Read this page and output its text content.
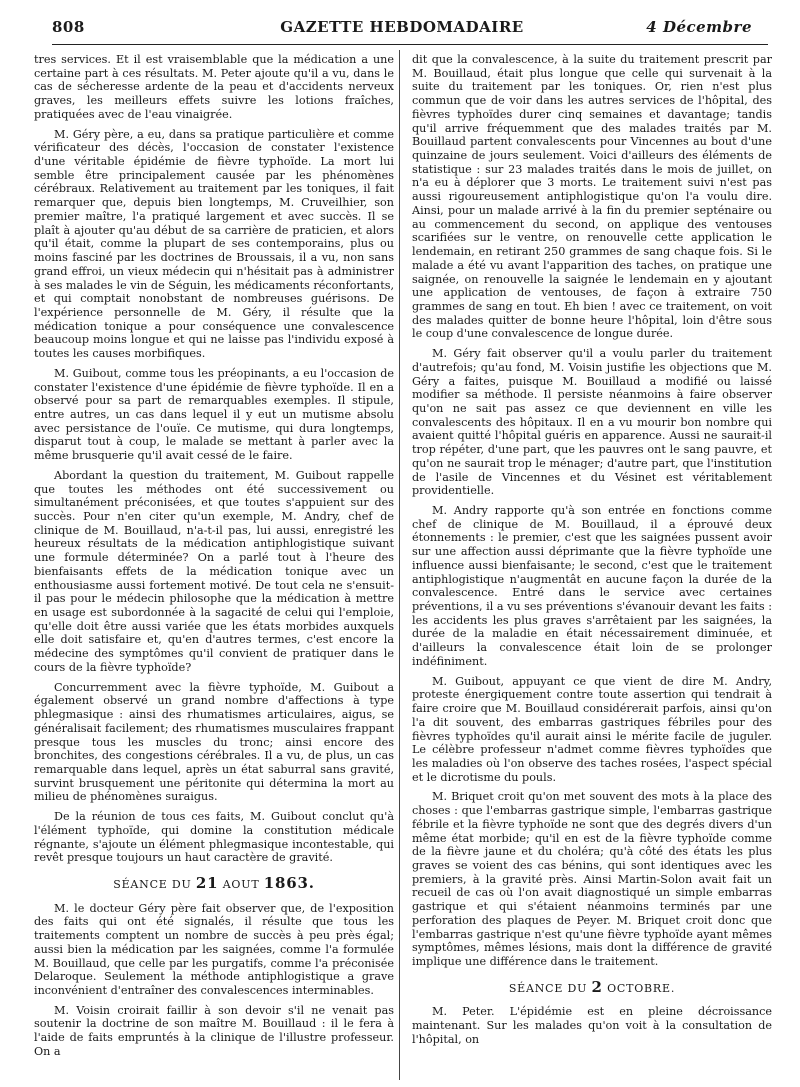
808	GAZETTE HEBDOMADAIRE	4 Décembre

tres services. Et il est vraisemblable que la médication a une certaine part à ces résultats. M. Peter ajoute qu'il a vu, dans le cas de sécheresse ardente de la peau et d'accidents nerveux graves, les meilleurs effets suivre les lotions fraîches, pratiquées avec de l'eau vinaigrée.

M. Géry père, a eu, dans sa pratique particulière et comme vérificateur des décès, l'occasion de constater l'existence d'une véritable épidémie de fièvre typhoïde. La mort lui semble être principalement causée par les phénomènes cérébraux. Relativement au traitement par les toniques, il fait remarquer que, depuis bien longtemps, M. Cruveilhier, son premier maître, l'a pratiqué largement et avec succès. Il se plaît à ajouter qu'au début de sa carrière de praticien, et alors qu'il était, comme la plupart de ses contemporains, plus ou moins fasciné par les doctrines de Broussais, il a vu, non sans grand effroi, un vieux médecin qui n'hésitait pas à administrer à ses malades le vin de Séguin, les médicaments réconfortants, et qui comptait nonobstant de nombreuses guérisons. De l'expérience personnelle de M. Géry, il résulte que la médication tonique a pour conséquence une convalescence beaucoup moins longue et qui ne laisse pas l'individu exposé à toutes les causes morbifiques.

M. Guibout, comme tous les préopinants, a eu l'occasion de constater l'existence d'une épidémie de fièvre typhoïde. Il en a observé pour sa part de remarquables exemples. Il stipule, entre autres, un cas dans lequel il y eut un mutisme absolu avec persistance de l'ouïe. Ce mutisme, qui dura longtemps, disparut tout à coup, le malade se mettant à parler avec la même brusquerie qu'il avait cessé de le faire.

Abordant la question du traitement, M. Guibout rappelle que toutes les méthodes ont été successivement ou simultanément préconisées, et que toutes s'appuient sur des succès. Pour n'en citer qu'un exemple, M. Andry, chef de clinique de M. Bouillaud, n'a-t-il pas, lui aussi, enregistré les heureux résultats de la médication antiphlogistique suivant une formule déterminée? On a parlé tout à l'heure des bienfaisants effets de la médication tonique avec un enthousiasme aussi fortement motivé. De tout cela ne s'ensuit-il pas pour le médecin philosophe que la médication à mettre en usage est subordonnée à la sagacité de celui qui l'emploie, qu'elle doit être aussi variée que les états morbides auxquels elle doit satisfaire et, qu'en d'autres termes, c'est encore la médecine des symptômes qu'il convient de pratiquer dans le cours de la fièvre typhoïde?

Concurremment avec la fièvre typhoïde, M. Guibout a également observé un grand nombre d'affections à type phlegmasique : ainsi des rhumatismes articulaires, aigus, se généralisait facilement; des rhumatismes musculaires frappant presque tous les muscles du tronc; ainsi encore des bronchites, des congestions cérébrales. Il a vu, de plus, un cas remarquable dans lequel, après un état saburral sans gravité, survint brusquement une péritonite qui détermina la mort au milieu de phénomènes suraigus.

De la réunion de tous ces faits, M. Guibout conclut qu'à l'élément typhoïde, qui domine la constitution médicale régnante, s'ajoute un élément phlegmasique incontestable, qui revêt presque toujours un haut caractère de gravité.

SÉANCE DU 21 AOUT 1863.

M. le docteur Géry père fait observer que, de l'exposition des faits qui ont été signalés, il résulte que tous les traitements comptent un nombre de succès à peu près égal; aussi bien la médication par les saignées, comme l'a formulée M. Bouillaud, que celle par les purgatifs, comme l'a préconisée Delaroque. Seulement la méthode antiphlogistique a grave inconvénient d'entraîner des convalescences interminables.

M. Voisin croirait faillir à son devoir s'il ne venait pas soutenir la doctrine de son maître M. Bouillaud : il le fera à l'aide de faits empruntés à la clinique de l'illustre professeur. On a

dit que la convalescence, à la suite du traitement prescrit par M. Bouillaud, était plus longue que celle qui survenait à la suite du traitement par les toniques. Or, rien n'est plus commun que de voir dans les autres services de l'hôpital, des fièvres typhoïdes durer cinq semaines et davantage; tandis qu'il arrive fréquemment que des malades traités par M. Bouillaud partent convalescents pour Vincennes au bout d'une quinzaine de jours seulement. Voici d'ailleurs des éléments de statistique : sur 23 malades traités dans le mois de juillet, on n'a eu à déplorer que 3 morts. Le traitement suivi n'est pas aussi rigoureusement antiphlogistique qu'on l'a voulu dire. Ainsi, pour un malade arrivé à la fin du premier septénaire ou au commencement du second, on applique des ventouses scarifiées sur le ventre, on renouvelle cette application le lendemain, en retirant 250 grammes de sang chaque fois. Si le malade a été vu avant l'apparition des taches, on pratique une saignée, on renouvelle la saignée le lendemain en y ajoutant une application de ventouses, de façon à extraire 750 grammes de sang en tout. Eh bien ! avec ce traitement, on voit des malades quitter de bonne heure l'hôpital, loin d'être sous le coup d'une convalescence de longue durée.

M. Géry fait observer qu'il a voulu parler du traitement d'autrefois; qu'au fond, M. Voisin justifie les objections que M. Géry a faites, puisque M. Bouillaud a modifié ou laissé modifier sa méthode. Il persiste néanmoins à faire observer qu'on ne sait pas assez ce que deviennent en ville les convalescents des hôpitaux. Il en a vu mourir bon nombre qui avaient quitté l'hôpital guéris en apparence. Aussi ne saurait-il trop répéter, d'une part, que les pauvres ont le sang pauvre, et qu'on ne saurait trop le ménager; d'autre part, que l'institution de l'asile de Vincennes et du Vésinet est véritablement providentielle.

M. Andry rapporte qu'à son entrée en fonctions comme chef de clinique de M. Bouillaud, il a éprouvé deux étonnements : le premier, c'est que les saignées pussent avoir sur une affection aussi déprimante que la fièvre typhoïde une influence aussi bienfaisante; le second, c'est que le traitement antiphlogistique n'augmentât en aucune façon la durée de la convalescence. Entré dans le service avec certaines préventions, il a vu ses préventions s'évanouir devant les faits : les accidents les plus graves s'arrêtaient par les saignées, la durée de la maladie en était nécessairement diminuée, et d'ailleurs la convalescence était loin de se prolonger indéfiniment.

M. Guibout, appuyant ce que vient de dire M. Andry, proteste énergiquement contre toute assertion qui tendrait à faire croire que M. Bouillaud considérerait parfois, ainsi qu'on l'a dit souvent, des embarras gastriques fébriles pour des fièvres typhoïdes qu'il aurait ainsi le mérite facile de juguler. Le célèbre professeur n'admet comme fièvres typhoïdes que les maladies où l'on observe des taches rosées, l'aspect spécial et le dicrotisme du pouls.

M. Briquet croit qu'on met souvent des mots à la place des choses : que l'embarras gastrique simple, l'embarras gastrique fébrile et la fièvre typhoïde ne sont que des degrés divers d'un même état morbide; qu'il en est de la fièvre typhoïde comme de la fièvre jaune et du choléra; qu'à côté des états les plus graves se voient des cas bénins, qui sont identiques avec les premiers, à la gravité près. Ainsi Martin-Solon avait fait un recueil de cas où l'on avait diagnostiqué un simple embarras gastrique et qui s'étaient néanmoins terminés par une perforation des plaques de Peyer. M. Briquet croit donc que l'embarras gastrique n'est qu'une fièvre typhoïde ayant mêmes symptômes, mêmes lésions, mais dont la différence de gravité implique une différence dans le traitement.

SÉANCE DU 2 OCTOBRE.

M. Peter. L'épidémie est en pleine décroissance maintenant. Sur les malades qu'on voit à la consultation de l'hôpital, on
